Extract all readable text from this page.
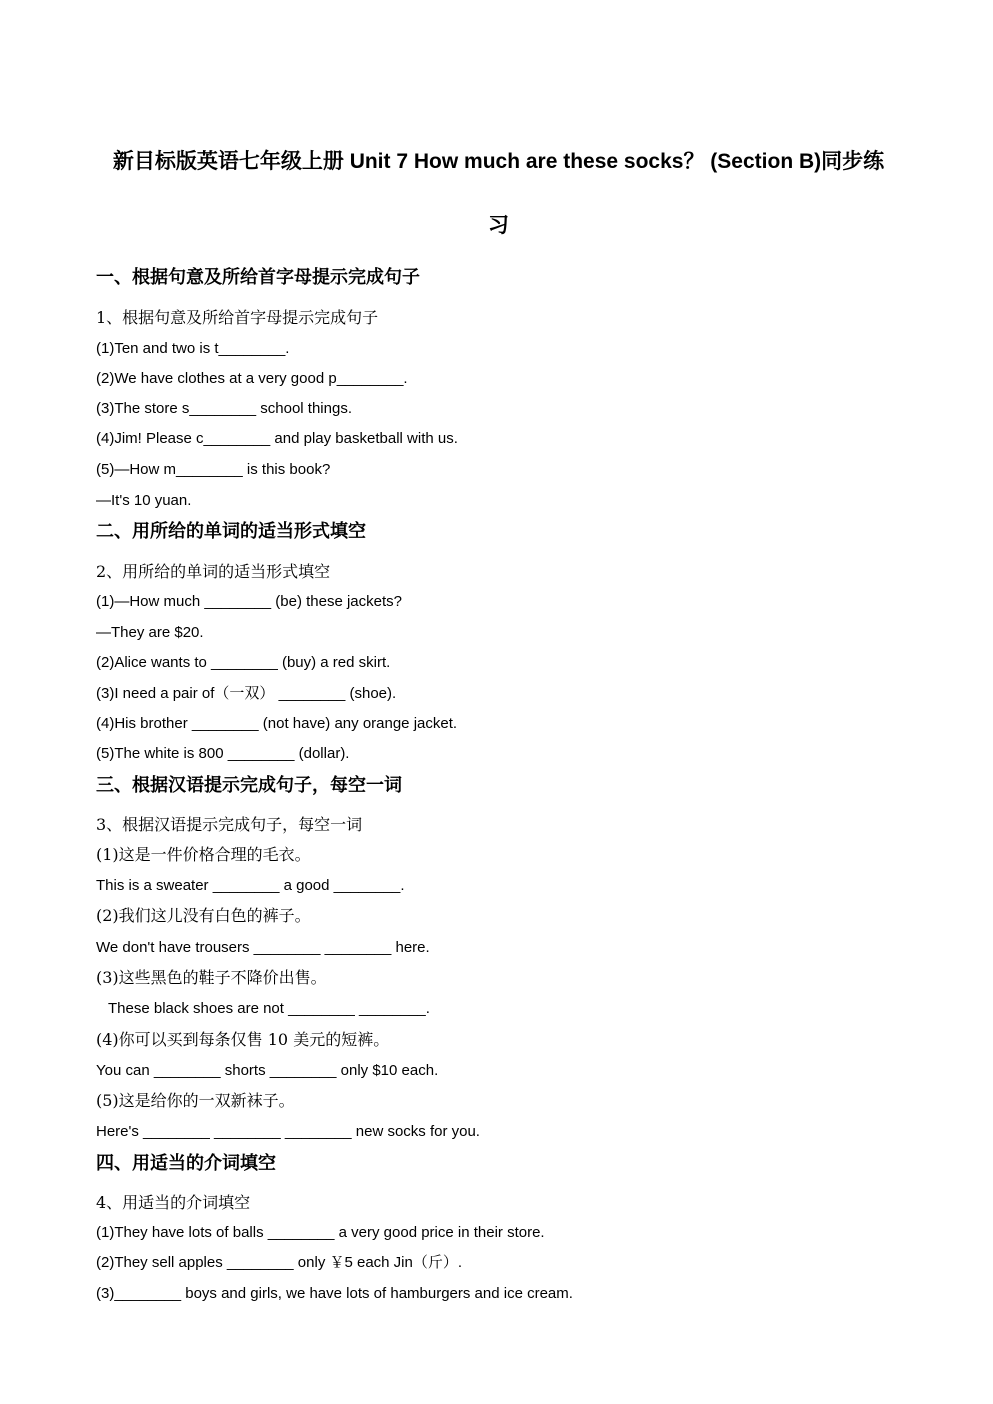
新目标版英语七年级上册 Unit 7 How much are these socks？ (Section B)同步练
习
一、根据句意及所给首字母提示完成句子
1、根据句意及所给首字母提示完成句子
(1)Ten and two is t________.
(2)We have clothes at a very good p________.
(3)The store s________ school things.
(4)Jim! Please c________ and play basketball with us.
(5)—How m________ is this book?
—It's 10 yuan.
二、用所给的单词的适当形式填空
2、用所给的单词的适当形式填空
(1)—How much ________ (be) these jackets?
—They are $20.
(2)Alice wants to ________ (buy) a red skirt.
(3)I need a pair of（一双） ________ (shoe).
(4)His brother ________ (not have) any orange jacket.
(5)The white is 800 ________ (dollar).
三、根据汉语提示完成句子，每空一词
3、根据汉语提示完成句子，每空一词
(1)这是一件价格合理的毛衣。
This is a sweater ________ a good ________.
(2)我们这儿没有白色的裤子。
We don't have trousers ________ ________ here.
(3)这些黑色的鞋子不降价出售。
These black shoes are not ________ ________.
(4)你可以买到每条仅售 10 美元的短裤。
You can ________ shorts ________ only $10 each.
(5)这是给你的一双新袜子。
Here's ________ ________ ________ new socks for you.
四、用适当的介词填空
4、用适当的介词填空
(1)They have lots of balls ________ a very good price in their store.
(2)They sell apples ________ only ￥5 each Jin（斤）.
(3)________ boys and girls, we have lots of hamburgers and ice cream.
